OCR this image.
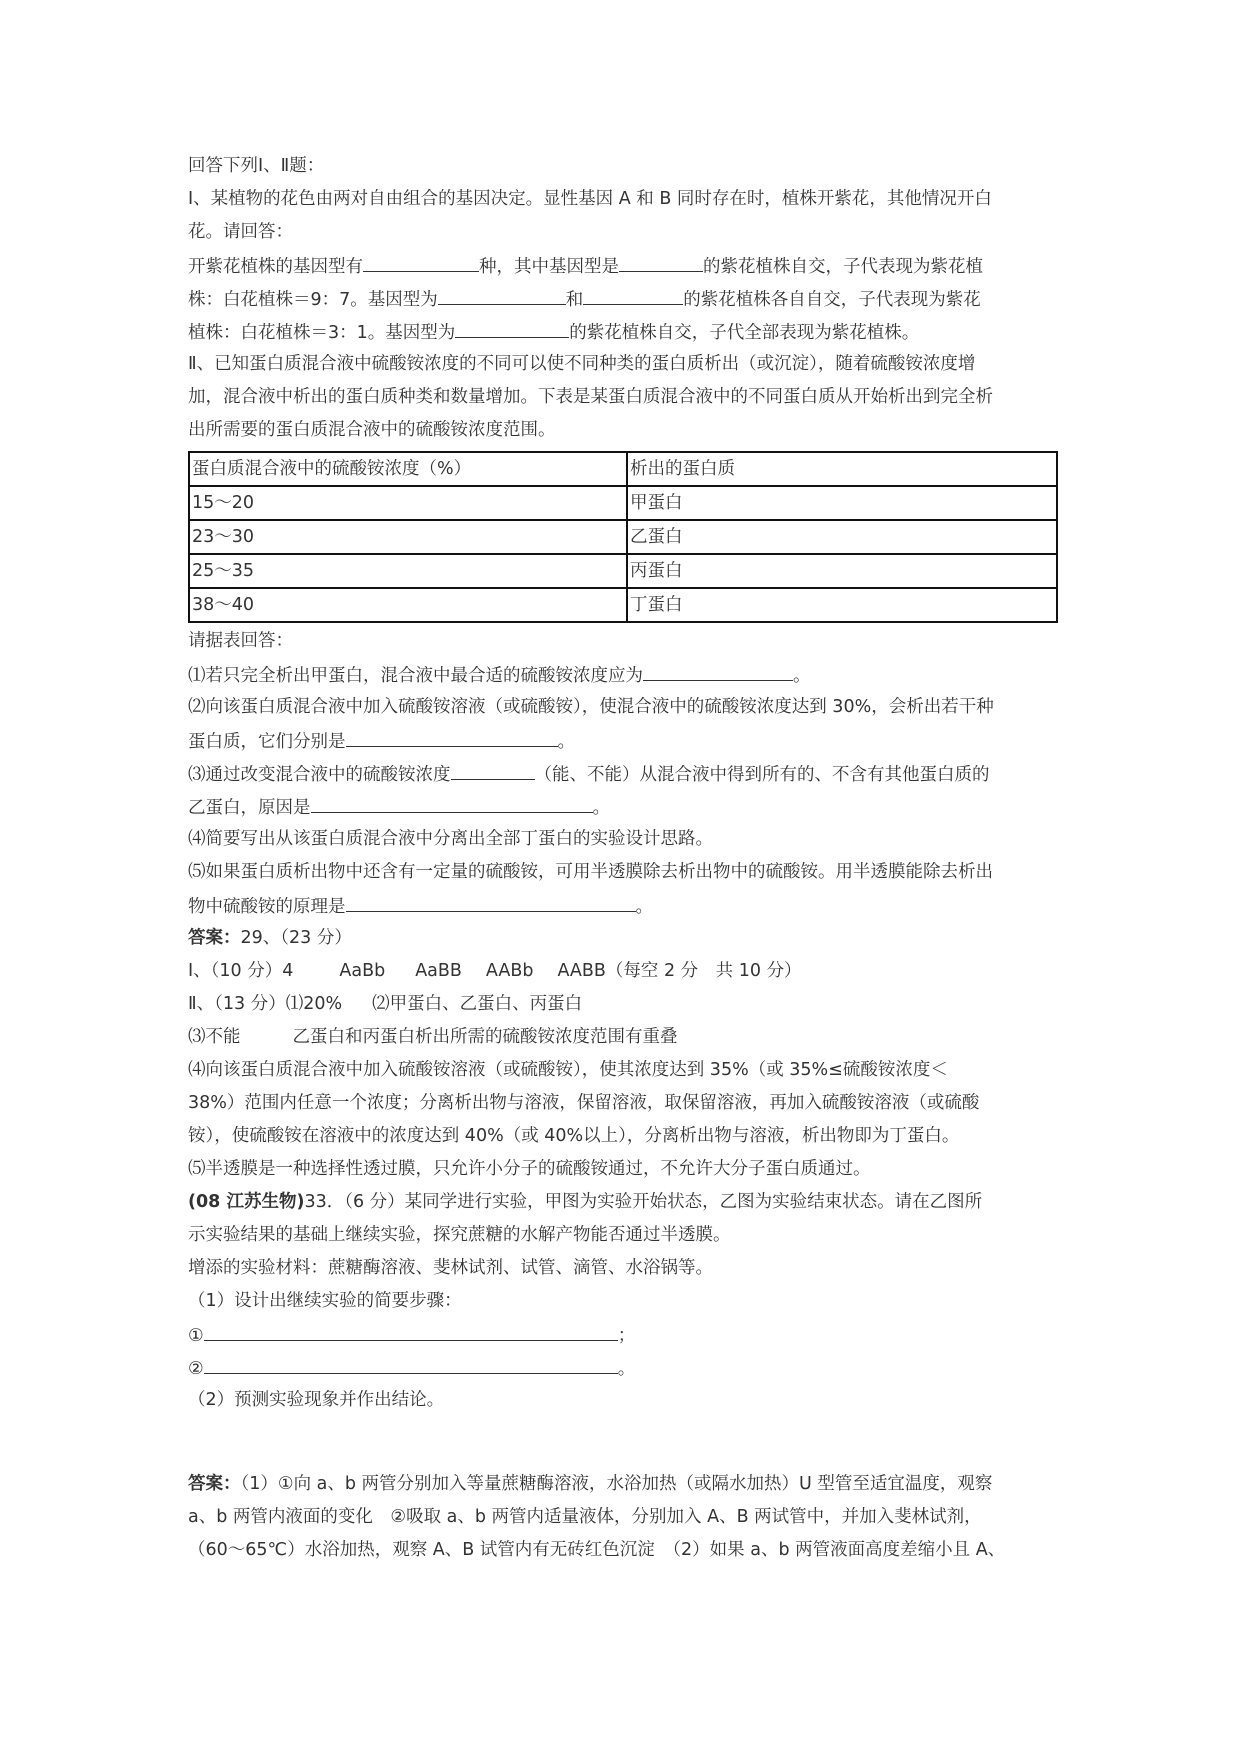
回答下列Ⅰ、Ⅱ题：
Ⅰ、某植物的花色由两对自由组合的基因决定。显性基因 A 和 B 同时存在时，植株开紫花，其他情况开白
花。请回答：
开紫花植株的基因型有	种，其中基因型是	的紫花植株自交，子代表现为紫花植
株：白花植株＝9：7。基因型为	和	的紫花植株各自自交，子代表现为紫花
植株：白花植株＝3：1。基因型为	的紫花植株自交，子代全部表现为紫花植株。
Ⅱ、已知蛋白质混合液中硫酸铵浓度的不同可以使不同种类的蛋白质析出（或沉淀），随着硫酸铵浓度增
加，混合液中析出的蛋白质种类和数量增加。下表是某蛋白质混合液中的不同蛋白质从开始析出到完全析
出所需要的蛋白质混合液中的硫酸铵浓度范围。
蛋白质混合液中的硫酸铵浓度（%）	析出的蛋白质
15～20	甲蛋白
23～30	乙蛋白
25～35	丙蛋白
38～40	丁蛋白
请据表回答：
⑴若只完全析出甲蛋白，混合液中最合适的硫酸铵浓度应为	。
⑵向该蛋白质混合液中加入硫酸铵溶液（或硫酸铵），使混合液中的硫酸铵浓度达到 30%，会析出若干种
蛋白质，它们分别是	。
⑶通过改变混合液中的硫酸铵浓度	（能、不能）从混合液中得到所有的、不含有其他蛋白质的
乙蛋白，原因是	。
⑷简要写出从该蛋白质混合液中分离出全部丁蛋白的实验设计思路。
⑸如果蛋白质析出物中还含有一定量的硫酸铵，可用半透膜除去析出物中的硫酸铵。用半透膜能除去析出
物中硫酸铵的原理是	。
答案：29、（23 分）
Ⅰ、（10 分）4	AaBb AaBB AABb AABB（每空 2 分　共 10 分）
Ⅱ、（13 分）⑴20% ⑵甲蛋白、乙蛋白、丙蛋白
⑶不能	乙蛋白和丙蛋白析出所需的硫酸铵浓度范围有重叠
⑷向该蛋白质混合液中加入硫酸铵溶液（或硫酸铵），使其浓度达到 35%（或 35%≤硫酸铵浓度＜
38%）范围内任意一个浓度；分离析出物与溶液，保留溶液，取保留溶液，再加入硫酸铵溶液（或硫酸
铵），使硫酸铵在溶液中的浓度达到 40%（或 40%以上），分离析出物与溶液，析出物即为丁蛋白。
⑸半透膜是一种选择性透过膜，只允许小分子的硫酸铵通过，不允许大分子蛋白质通过。
(08 江苏生物)33．（6 分）某同学进行实验，甲图为实验开始状态，乙图为实验结束状态。请在乙图所
示实验结果的基础上继续实验，探究蔗糖的水解产物能否通过半透膜。
增添的实验材料：蔗糖酶溶液、斐林试剂、试管、滴管、水浴锅等。
（1）设计出继续实验的简要步骤：
①	；
②	。
（2）预测实验现象并作出结论。
答案：（1）①向 a、b 两管分别加入等量蔗糖酶溶液，水浴加热（或隔水加热）U 型管至适宜温度，观察
a、b 两管内液面的变化　②吸取 a、b 两管内适量液体，分别加入 A、B 两试管中，并加入斐林试剂，
（60～65℃）水浴加热，观察 A、B 试管内有无砖红色沉淀　（2）如果 a、b 两管液面高度差缩小且 A、
